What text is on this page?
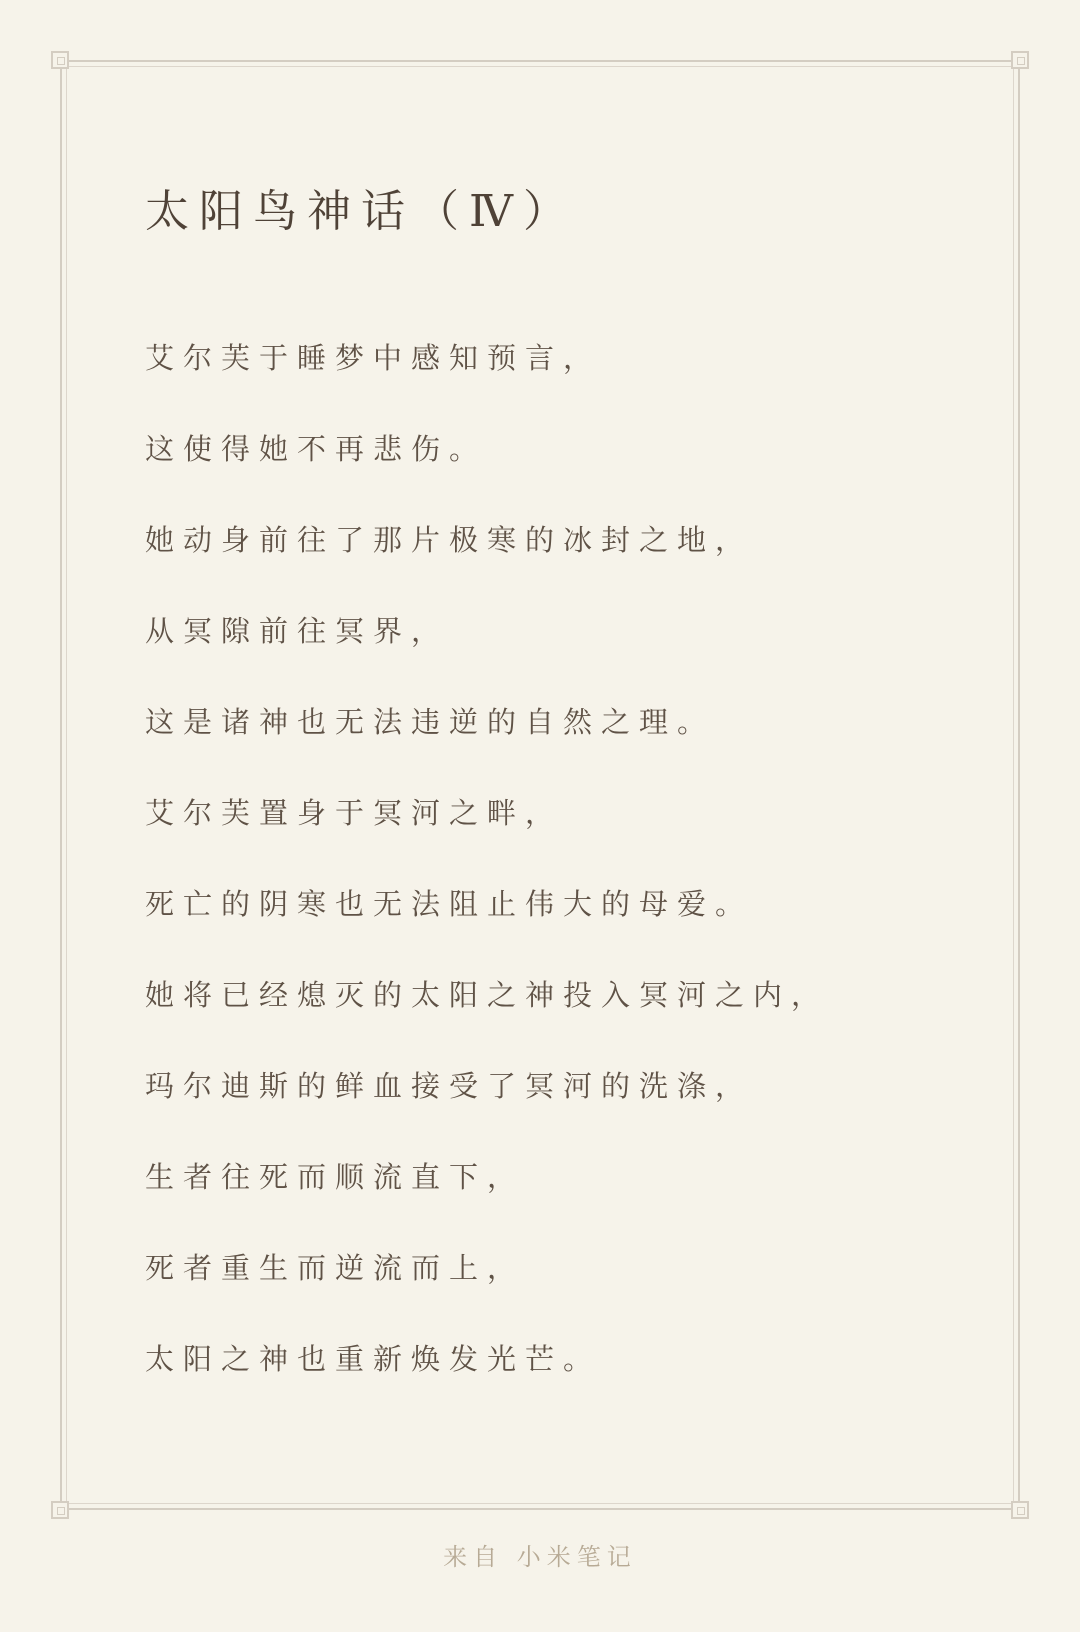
太阳鸟神话（Ⅳ）
艾尔芙于睡梦中感知预言，
这使得她不再悲伤。
她动身前往了那片极寒的冰封之地，
从冥隙前往冥界，
这是诸神也无法违逆的自然之理。
艾尔芙置身于冥河之畔，
死亡的阴寒也无法阻止伟大的母爱。
她将已经熄灭的太阳之神投入冥河之内，
玛尔迪斯的鲜血接受了冥河的洗涤，
生者往死而顺流直下，
死者重生而逆流而上，
太阳之神也重新焕发光芒。
来自 小米笔记
